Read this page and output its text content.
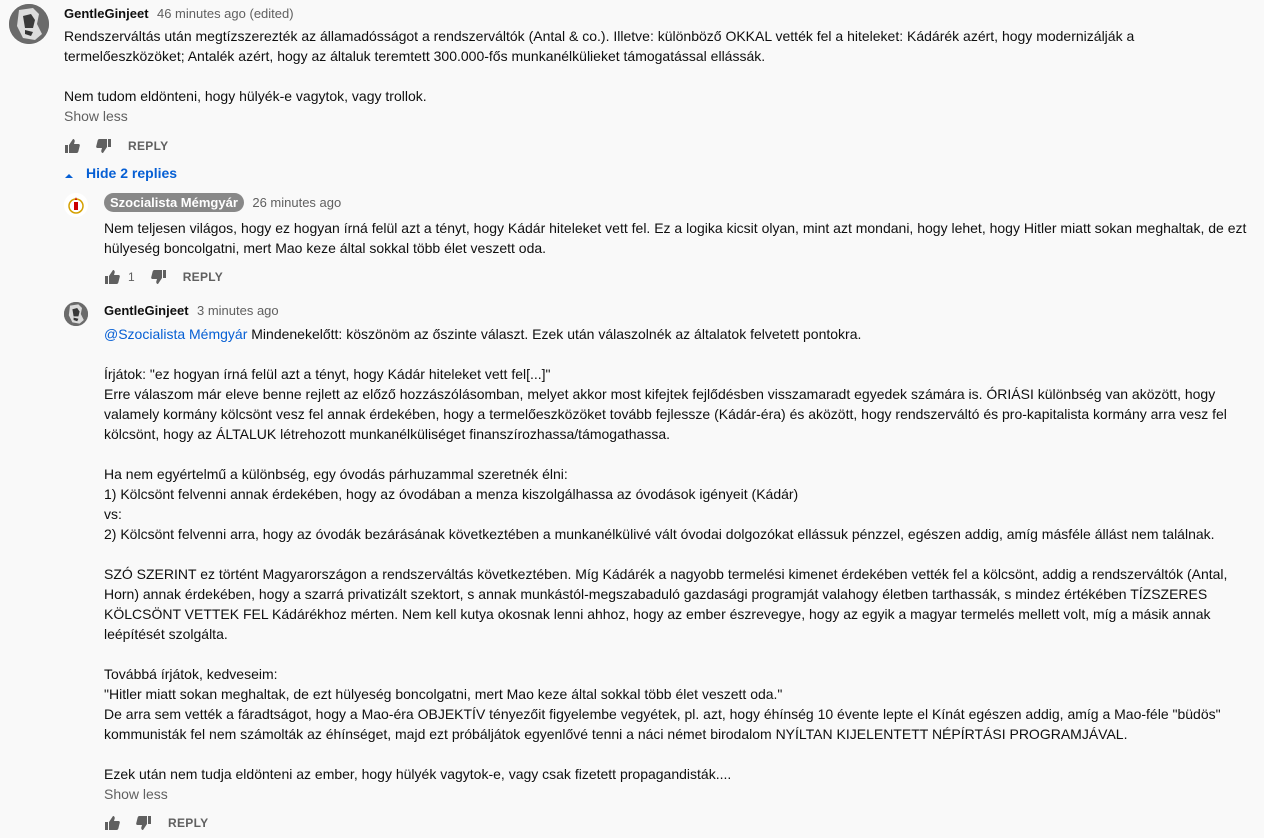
GentleGinjeet 46 minutes ago (edited)
Rendszerváltás után megtízszerezték az államadósságot a rendszerváltók (Antal & co.). Illetve: különböző OKKAL vették fel a hiteleket: Kádárék azért, hogy modernizálják a
termelőeszközöket; Antalék azért, hogy az általuk teremtett 300.000-fős munkanélkülieket támogatással ellássák.

Nem tudom eldönteni, hogy hülyék-e vagytok, vagy trollok.
Show less
REPLY
Hide 2 replies
Szocialista Mémgyár 26 minutes ago
Nem teljesen világos, hogy ez hogyan írná felül azt a tényt, hogy Kádár hiteleket vett fel. Ez a logika kicsit olyan, mint azt mondani, hogy lehet, hogy Hitler miatt sokan meghaltak, de ezt
hülyeség boncolgatni, mert Mao keze által sokkal több élet veszett oda.
1	REPLY
GentleGinjeet 3 minutes ago
@Szocialista Mémgyár Mindenekelőtt: köszönöm az őszinte választ. Ezek után válaszolnék az általatok felvetett pontokra.

Írjátok: "ez hogyan írná felül azt a tényt, hogy Kádár hiteleket vett fel[...]"
Erre válaszom már eleve benne rejlett az előző hozzászólásomban, melyet akkor most kifejtek fejlődésben visszamaradt egyedek számára is. ÓRIÁSI különbség van aközött, hogy
valamely kormány kölcsönt vesz fel annak érdekében, hogy a termelőeszközöket tovább fejlessze (Kádár-éra) és aközött, hogy rendszerváltó és pro-kapitalista kormány arra vesz fel
kölcsönt, hogy az ÁLTALUK létrehozott munkanélküliséget finanszírozhassa/támogathassa.

Ha nem egyértelmű a különbség, egy óvodás párhuzammal szeretnék élni:
1) Kölcsönt felvenni annak érdekében, hogy az óvodában a menza kiszolgálhassa az óvodások igényeit (Kádár)
vs:
2) Kölcsönt felvenni arra, hogy az óvodák bezárásának következtében a munkanélkülivé vált óvodai dolgozókat ellássuk pénzzel, egészen addig, amíg másféle állást nem találnak.

SZÓ SZERINT ez történt Magyarországon a rendszerváltás következtében. Míg Kádárék a nagyobb termelési kimenet érdekében vették fel a kölcsönt, addig a rendszerváltók (Antal,
Horn) annak érdekében, hogy a szarrá privatizált szektort, s annak munkástól-megszabaduló gazdasági programját valahogy életben tarthassák, s mindez értékében TÍZSZERES
KÖLCSÖNT VETTEK FEL Kádárékhoz mérten. Nem kell kutya okosnak lenni ahhoz, hogy az ember észrevegye, hogy az egyik a magyar termelés mellett volt, míg a másik annak
leépítését szolgálta.

Továbbá írjátok, kedveseim:
"Hitler miatt sokan meghaltak, de ezt hülyeség boncolgatni, mert Mao keze által sokkal több élet veszett oda."
De arra sem vették a fáradtságot, hogy a Mao-éra OBJEKTÍV tényezőit figyelembe vegyétek, pl. azt, hogy éhínség 10 évente lepte el Kínát egészen addig, amíg a Mao-féle "büdös"
kommunisták fel nem számolták az éhínséget, majd ezt próbáljátok egyenlővé tenni a náci német birodalom NYÍLTAN KIJELENTETT NÉPÍRTÁSI PROGRAMJÁVAL.

Ezek után nem tudja eldönteni az ember, hogy hülyék vagytok-e, vagy csak fizetett propagandisták....
Show less
REPLY
